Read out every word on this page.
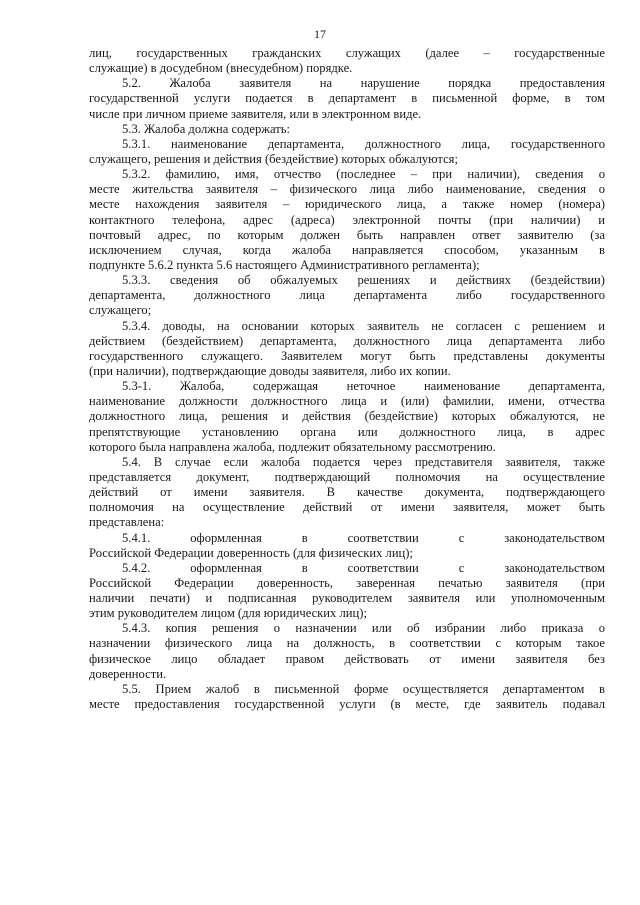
17
лиц, государственных гражданских служащих (далее – государственные
служащие) в досудебном (внесудебном) порядке.
5.2. Жалоба заявителя на нарушение порядка предоставления
государственной услуги подается в департамент в письменной форме, в том
числе при личном приеме заявителя, или в электронном виде.
5.3. Жалоба должна содержать:
5.3.1. наименование департамента, должностного лица, государственного
служащего, решения и действия (бездействие) которых обжалуются;
5.3.2. фамилию, имя, отчество (последнее – при наличии), сведения о
месте жительства заявителя – физического лица либо наименование, сведения о
месте нахождения заявителя – юридического лица, а также номер (номера)
контактного телефона, адрес (адреса) электронной почты (при наличии) и
почтовый адрес, по которым должен быть направлен ответ заявителю (за
исключением случая, когда жалоба направляется способом, указанным в
подпункте 5.6.2 пункта 5.6 настоящего Административного регламента);
5.3.3. сведения об обжалуемых решениях и действиях (бездействии)
департамента, должностного лица департамента либо государственного
служащего;
5.3.4. доводы, на основании которых заявитель не согласен с решением и
действием (бездействием) департамента, должностного лица департамента либо
государственного служащего. Заявителем могут быть представлены документы
(при наличии), подтверждающие доводы заявителя, либо их копии.
5.3-1. Жалоба, содержащая неточное наименование департамента,
наименование должности должностного лица и (или) фамилии, имени, отчества
должностного лица, решения и действия (бездействие) которых обжалуются, не
препятствующие установлению органа или должностного лица, в адрес
которого была направлена жалоба, подлежит обязательному рассмотрению.
5.4. В случае если жалоба подается через представителя заявителя, также
представляется документ, подтверждающий полномочия на осуществление
действий от имени заявителя. В качестве документа, подтверждающего
полномочия на осуществление действий от имени заявителя, может быть
представлена:
5.4.1. оформленная в соответствии с законодательством
Российской Федерации доверенность (для физических лиц);
5.4.2. оформленная в соответствии с законодательством
Российской Федерации доверенность, заверенная печатью заявителя (при
наличии печати) и подписанная руководителем заявителя или уполномоченным
этим руководителем лицом (для юридических лиц);
5.4.3. копия решения о назначении или об избрании либо приказа о
назначении физического лица на должность, в соответствии с которым такое
физическое лицо обладает правом действовать от имени заявителя без
доверенности.
5.5. Прием жалоб в письменной форме осуществляется департаментом в
месте предоставления государственной услуги (в месте, где заявитель подавал
